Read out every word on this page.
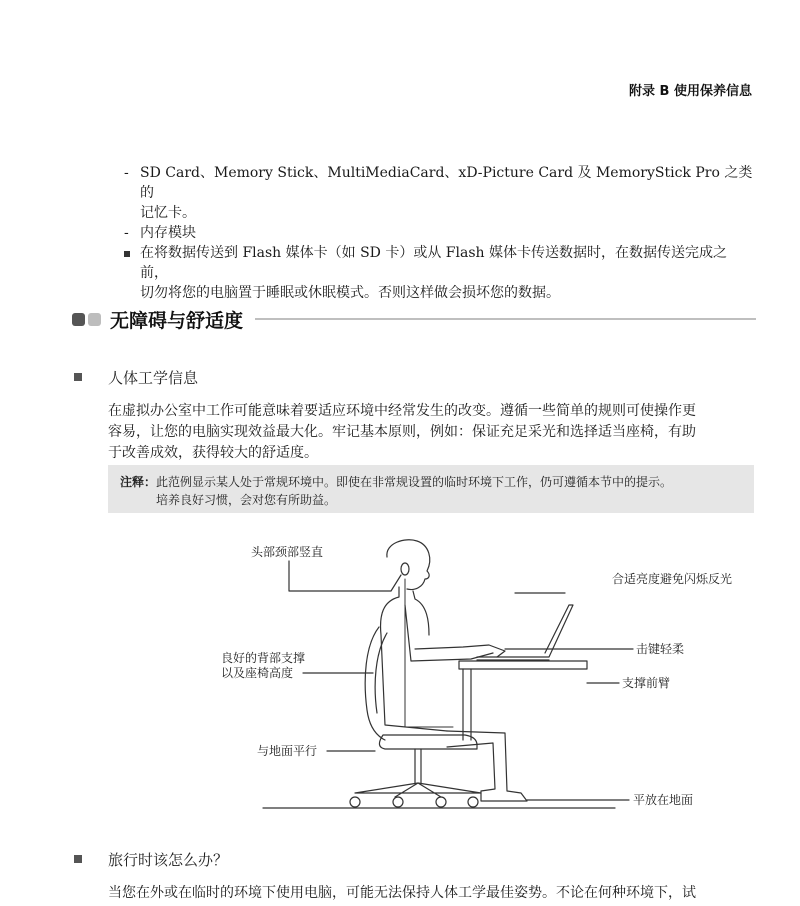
附录 B 使用保养信息
- SD Card、Memory Stick、MultiMediaCard、xD-Picture Card 及 MemoryStick Pro 之类的
记忆卡。
- 内存模块
在将数据传送到 Flash 媒体卡（如 SD 卡）或从 Flash 媒体卡传送数据时，在数据传送完成之前，
切勿将您的电脑置于睡眠或休眠模式。否则这样做会损坏您的数据。
无障碍与舒适度
人体工学信息
在虚拟办公室中工作可能意味着要适应环境中经常发生的改变。遵循一些简单的规则可使操作更
容易，让您的电脑实现效益最大化。牢记基本原则，例如：保证充足采光和选择适当座椅，有助
于改善成效，获得较大的舒适度。
注释：此范例显示某人处于常规环境中。即使在非常规设置的临时环境下工作，仍可遵循本节中的提示。
培养良好习惯，会对您有所助益。
头部颈部竖直
合适亮度避免闪烁反光
良好的背部支撑
以及座椅高度
击键轻柔
支撑前臂
与地面平行
平放在地面
旅行时该怎么办？
当您在外或在临时的环境下使用电脑，可能无法保持人体工学最佳姿势。不论在何种环境下，试
